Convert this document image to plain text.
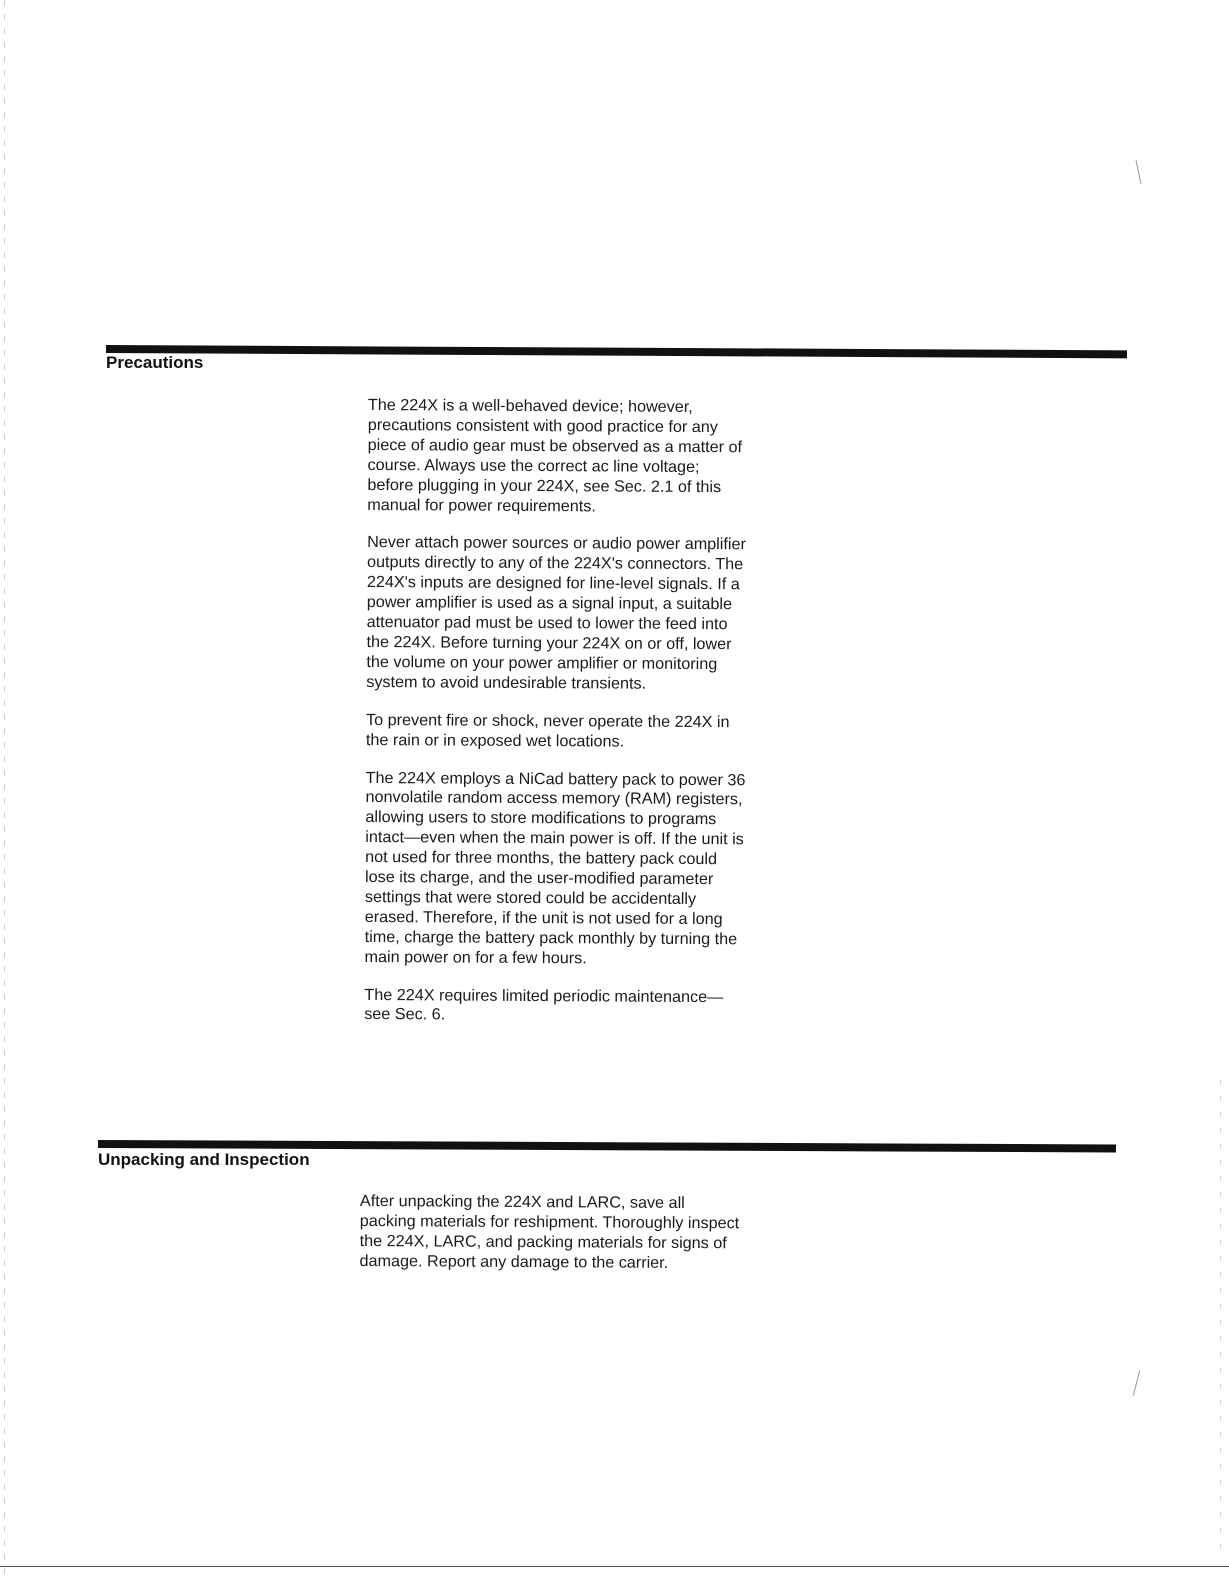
Precautions

The 224X is a well-behaved device; however, precautions consistent with good practice for any piece of audio gear must be observed as a matter of course. Always use the correct ac line voltage; before plugging in your 224X, see Sec. 2.1 of this manual for power requirements.

Never attach power sources or audio power amplifier outputs directly to any of the 224X's connectors. The 224X's inputs are designed for line-level signals. If a power amplifier is used as a signal input, a suitable attenuator pad must be used to lower the feed into the 224X. Before turning your 224X on or off, lower the volume on your power amplifier or monitoring system to avoid undesirable transients.

To prevent fire or shock, never operate the 224X in the rain or in exposed wet locations.

The 224X employs a NiCad battery pack to power 36 nonvolatile random access memory (RAM) registers, allowing users to store modifications to programs intact—even when the main power is off. If the unit is not used for three months, the battery pack could lose its charge, and the user-modified parameter settings that were stored could be accidentally erased. Therefore, if the unit is not used for a long time, charge the battery pack monthly by turning the main power on for a few hours.

The 224X requires limited periodic maintenance—see Sec. 6.

Unpacking and Inspection

After unpacking the 224X and LARC, save all packing materials for reshipment. Thoroughly inspect the 224X, LARC, and packing materials for signs of damage. Report any damage to the carrier.
